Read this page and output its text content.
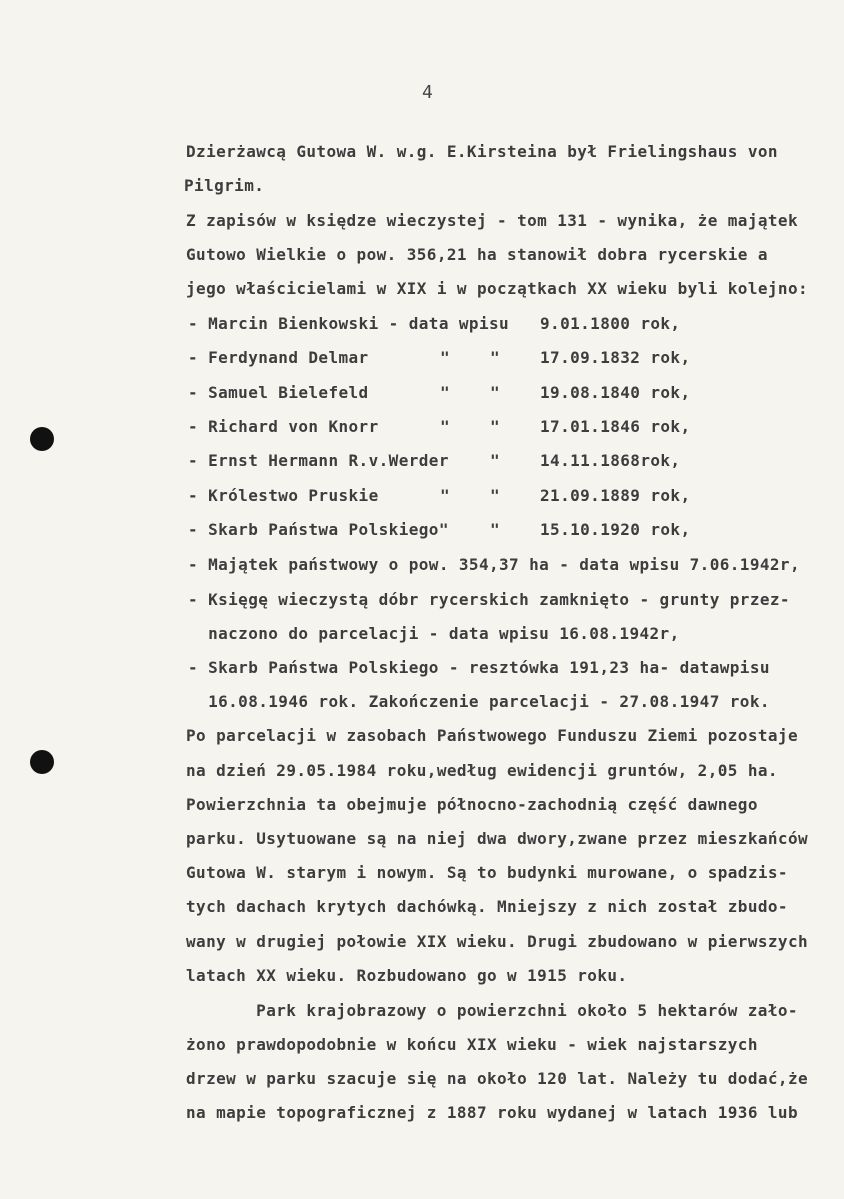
4
Dzierżawcą Gutowa W. w.g. E.Kirsteina był Frielingshaus von
Pilgrim.
Z zapisów w księdze wieczystej - tom 131 - wynika, że majątek
Gutowo Wielkie o pow. 356,21 ha stanowił dobra rycerskie a
jego właścicielami w XIX i w początkach XX wieku byli kolejno:
- Marcin Bienkowski - data wpisu 9.01.1800 rok,
- Ferdynand Delmar	"	"	17.09.1832 rok,
- Samuel Bielefeld	"	"	19.08.1840 rok,
- Richard von Knorr	"	"	17.01.1846 rok,
- Ernst Hermann R.v.Werder	"	14.11.1868rok,
- Królestwo Pruskie	"	"	21.09.1889 rok,
- Skarb Państwa Polskiego"	"	15.10.1920 rok,
- Majątek państwowy o pow. 354,37 ha - data wpisu 7.06.1942r,
- Księgę wieczystą dóbr rycerskich zamknięto - grunty przez-
naczono do parcelacji - data wpisu 16.08.1942r,
- Skarb Państwa Polskiego - resztówka 191,23 ha- datawpisu
16.08.1946 rok. Zakończenie parcelacji - 27.08.1947 rok.
Po parcelacji w zasobach Państwowego Funduszu Ziemi pozostaje
na dzień 29.05.1984 roku,według ewidencji gruntów, 2,05 ha.
Powierzchnia ta obejmuje północno-zachodnią część dawnego
parku. Usytuowane są na niej dwa dwory,zwane przez mieszkańców
Gutowa W. starym i nowym. Są to budynki murowane, o spadzis-
tych dachach krytych dachówką. Mniejszy z nich został zbudo-
wany w drugiej połowie XIX wieku. Drugi zbudowano w pierwszych
latach XX wieku. Rozbudowano go w 1915 roku.
Park krajobrazowy o powierzchni około 5 hektarów zało-
żono prawdopodobnie w końcu XIX wieku - wiek najstarszych
drzew w parku szacuje się na około 120 lat. Należy tu dodać,że
na mapie topograficznej z 1887 roku wydanej w latach 1936 lub
